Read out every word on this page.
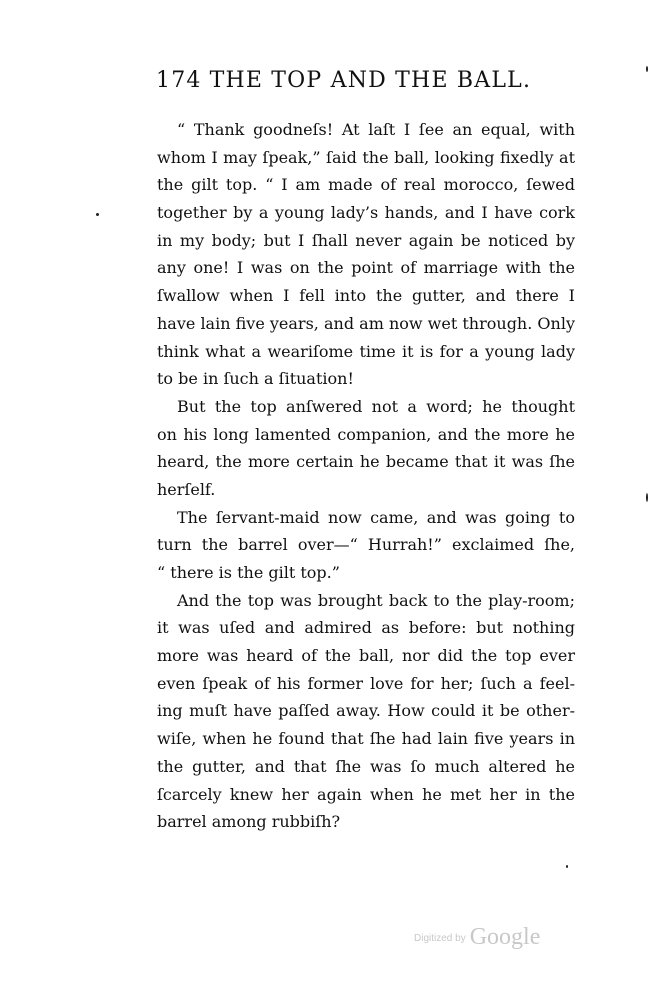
174 THE TOP AND THE BALL.
“ Thank goodneſs! At laſt I ſee an equal, with
whom I may ſpeak,” ſaid the ball, looking fixedly at
the gilt top. “ I am made of real morocco, ſewed
together by a young lady’s hands, and I have cork
in my body; but I ſhall never again be noticed by
any one! I was on the point of marriage with the
ſwallow when I fell into the gutter, and there I
have lain five years, and am now wet through. Only
think what a weariſome time it is for a young lady
to be in ſuch a ſituation!
But the top anſwered not a word; he thought
on his long lamented companion, and the more he
heard, the more certain he became that it was ſhe
herſelf.
The ſervant-maid now came, and was going to
turn the barrel over—“ Hurrah!” exclaimed ſhe,
“ there is the gilt top.”
And the top was brought back to the play-room;
it was uſed and admired as before: but nothing
more was heard of the ball, nor did the top ever
even ſpeak of his former love for her; ſuch a feel-
ing muſt have paſſed away. How could it be other-
wiſe, when he found that ſhe had lain five years in
the gutter, and that ſhe was ſo much altered he
ſcarcely knew her again when he met her in the
barrel among rubbiſh?
Digitized by Google
